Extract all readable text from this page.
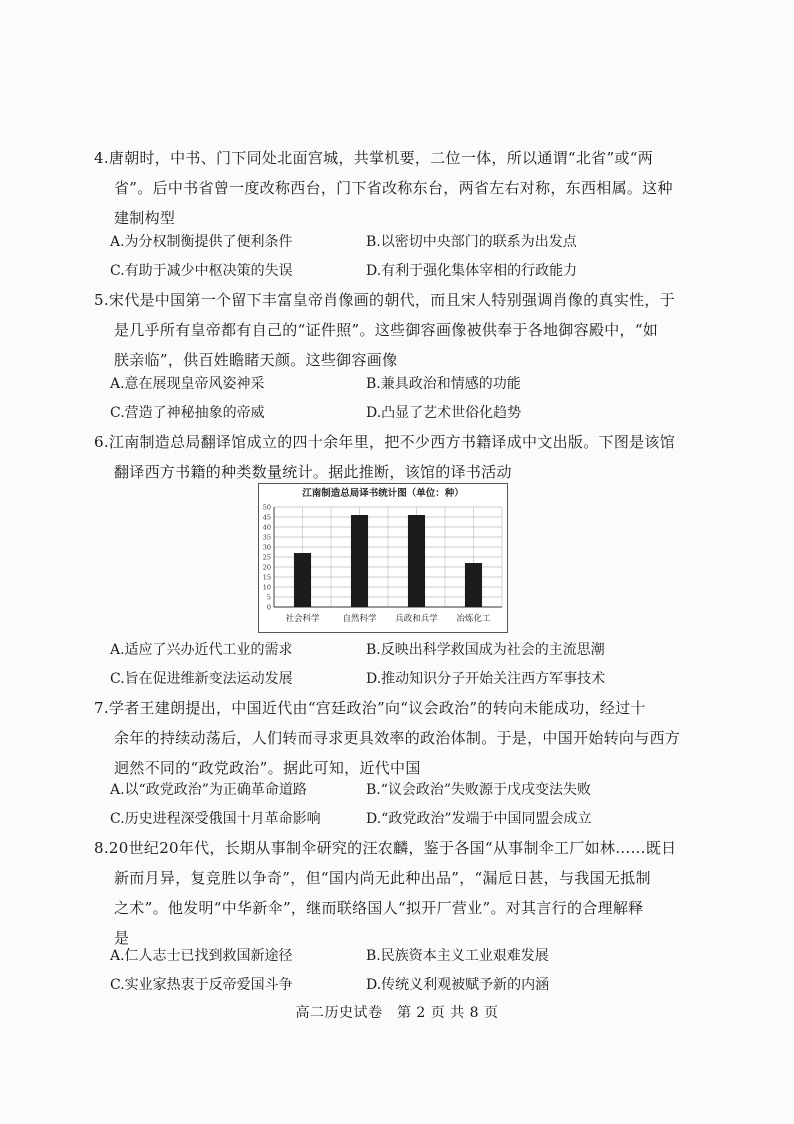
4.唐朝时，中书、门下同处北面宫城，共掌机要，二位一体，所以通谓“北省”或“两
省”。后中书省曾一度改称西台，门下省改称东台，两省左右对称，东西相属。这种
建制构型
A.为分权制衡提供了便利条件	B.以密切中央部门的联系为出发点
C.有助于减少中枢决策的失误	D.有利于强化集体宰相的行政能力
5.宋代是中国第一个留下丰富皇帝肖像画的朝代，而且宋人特别强调肖像的真实性，于
是几乎所有皇帝都有自己的“证件照”。这些御容画像被供奉于各地御容殿中，“如
朕亲临”，供百姓瞻睹天颜。这些御容画像
A.意在展现皇帝风姿神采	B.兼具政治和情感的功能
C.营造了神秘抽象的帝威	D.凸显了艺术世俗化趋势
6.江南制造总局翻译馆成立的四十余年里，把不少西方书籍译成中文出版。下图是该馆
翻译西方书籍的种类数量统计。据此推断，该馆的译书活动
江南制造总局译书统计图（单位：种）
50
45
40
35
30
25
20
15
10
5
0
社会科学	自然科学 兵政和兵学 冶炼化工
A.适应了兴办近代工业的需求	B.反映出科学救国成为社会的主流思潮
C.旨在促进维新变法运动发展	D.推动知识分子开始关注西方军事技术
7.学者王建朗提出，中国近代由“宫廷政治”向“议会政治”的转向未能成功，经过十
余年的持续动荡后，人们转而寻求更具效率的政治体制。于是，中国开始转向与西方
迥然不同的“政党政治”。据此可知，近代中国
A.以“政党政治”为正确革命道路	B.“议会政治”失败源于戊戌变法失败
C.历史进程深受俄国十月革命影响	D.“政党政治”发端于中国同盟会成立
8.20世纪20年代，长期从事制伞研究的汪农麟，鉴于各国“从事制伞工厂如林……既日
新而月异，复竞胜以争奇”，但“国内尚无此种出品”，“漏卮日甚，与我国无抵制
之术”。他发明“中华新伞”，继而联络国人“拟开厂营业”。对其言行的合理解释
是
A.仁人志士已找到救国新途径	B.民族资本主义工业艰难发展
C.实业家热衷于反帝爱国斗争	D.传统义利观被赋予新的内涵
高二历史试卷　第 2 页 共 8 页
